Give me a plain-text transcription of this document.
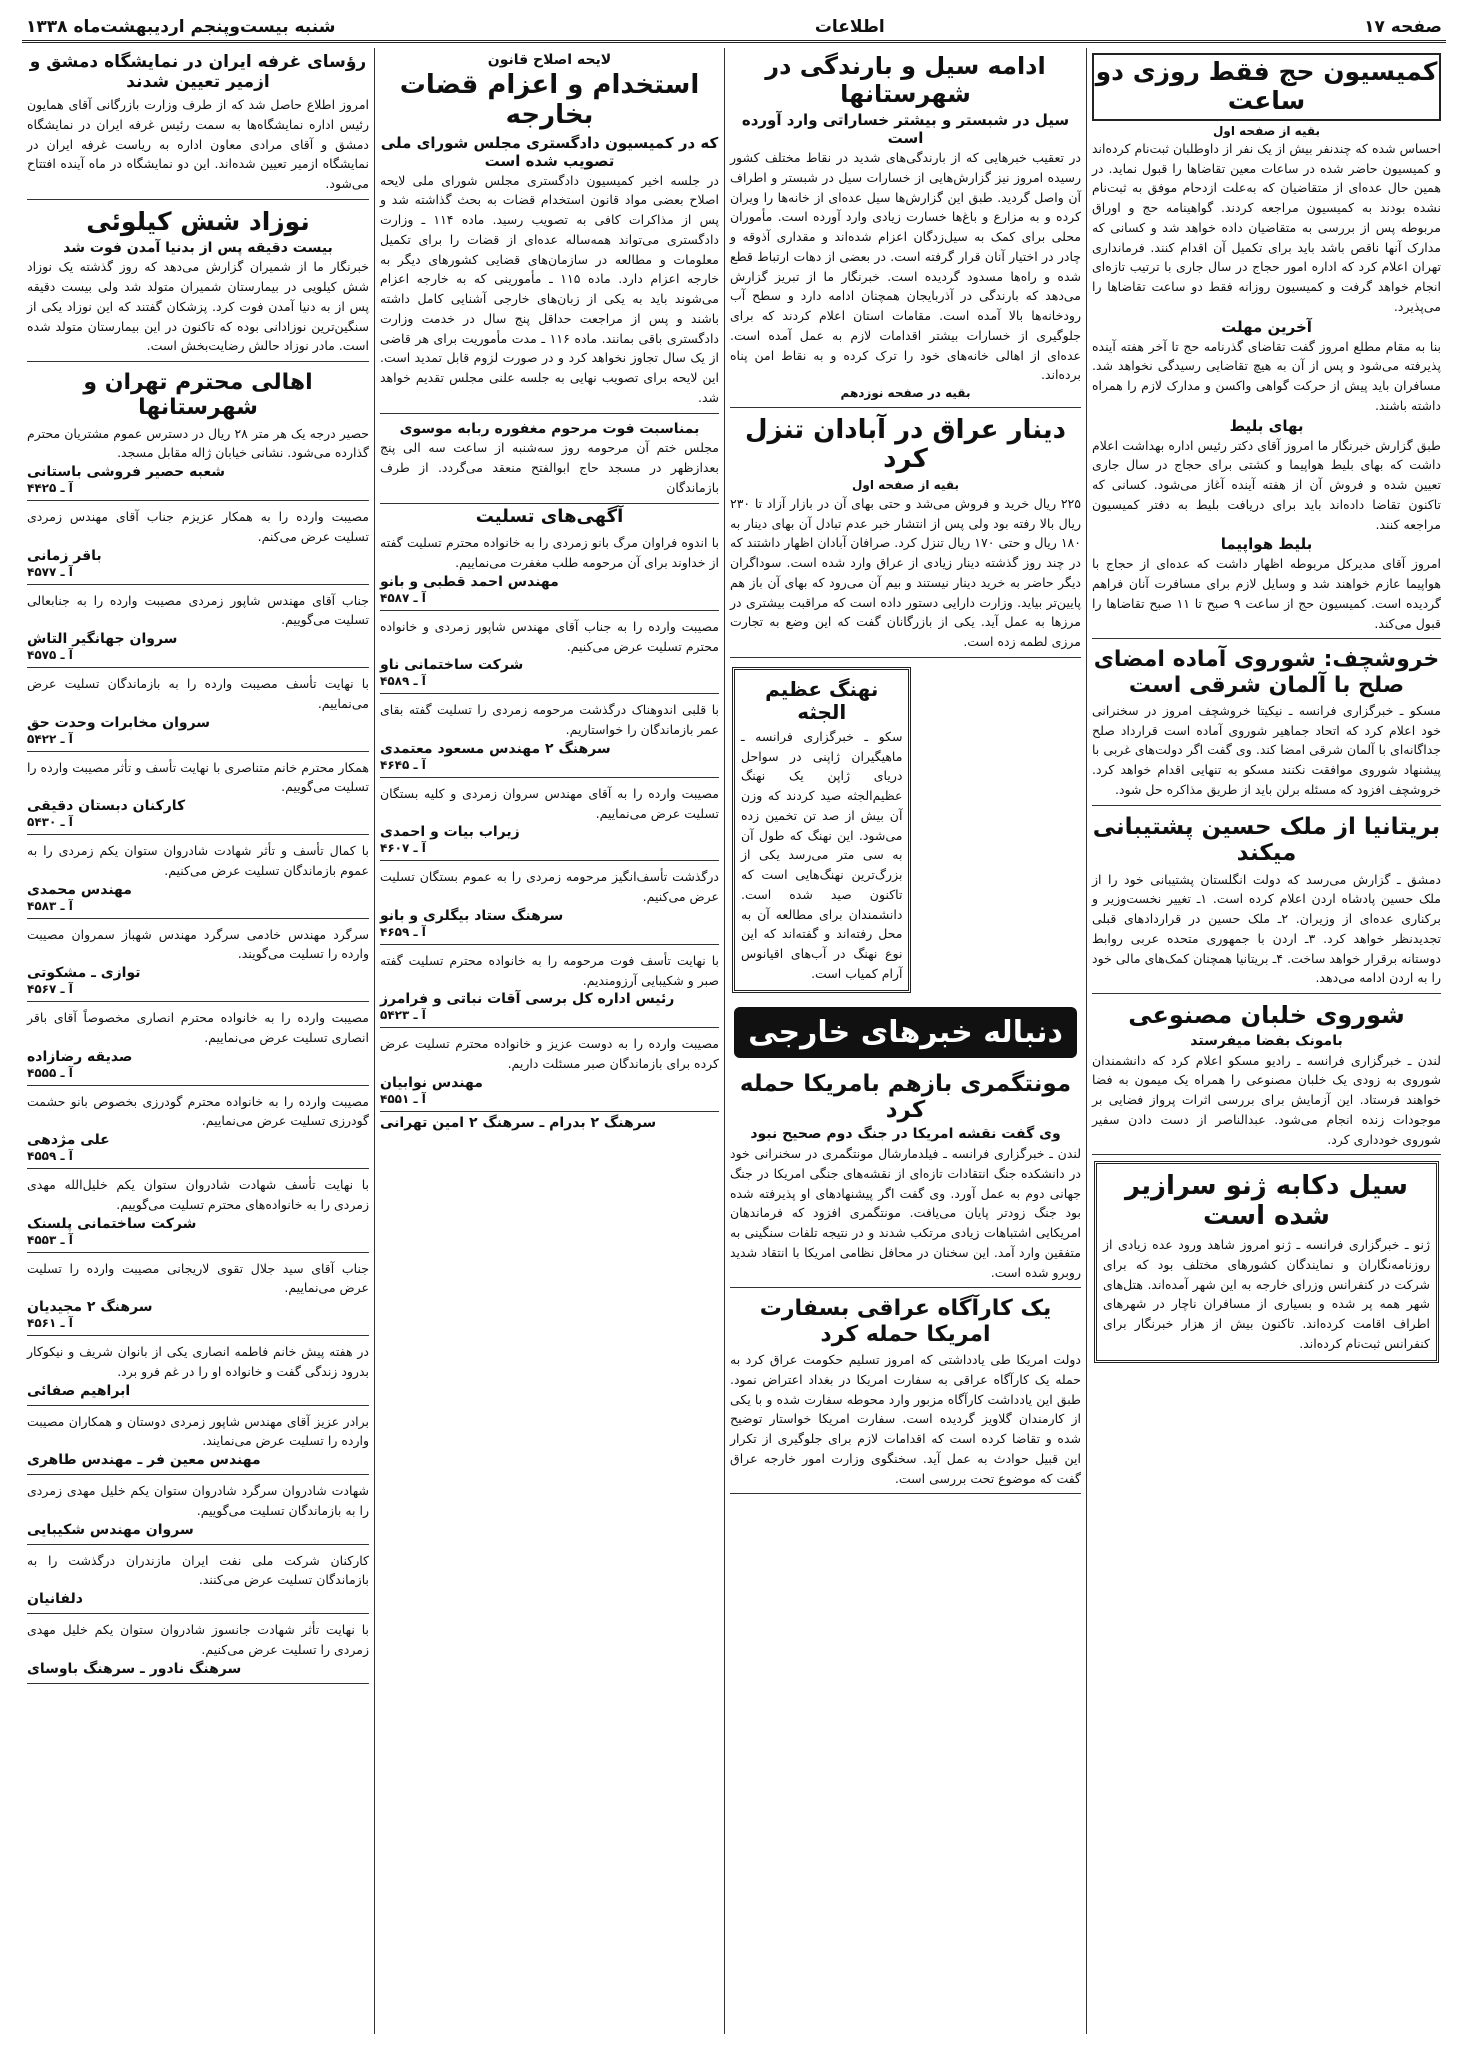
صفحه ۱۷
اطلاعات
شنبه بیست‌وپنجم اردیبهشت‌ماه ۱۳۳۸
کمیسیون حج فقط روزی دو ساعت
بقیه از صفحه اول

احساس شده که چندنفر بیش از یک نفر از داوطلبان ثبت‌نام کرده‌اند و کمیسیون حاضر شده در ساعات معین تقاضاها را قبول نماید. در همین حال عده‌ای از متقاضیان که به‌علت ازدحام موفق به ثبت‌نام نشده بودند به کمیسیون مراجعه کردند. گواهینامه حج و اوراق مربوطه پس از بررسی به متقاضیان داده خواهد شد و کسانی که مدارک آنها ناقص باشد باید برای تکمیل آن اقدام کنند. فرمانداری تهران اعلام کرد که اداره امور حجاج در سال جاری با ترتیب تازه‌ای انجام خواهد گرفت و کمیسیون روزانه فقط دو ساعت تقاضاها را می‌پذیرد.

آخرین مهلت

بنا به مقام مطلع امروز گفت تقاضای گذرنامه حج تا آخر هفته آینده پذیرفته می‌شود و پس از آن به هیچ تقاضایی رسیدگی نخواهد شد. مسافران باید پیش از حرکت گواهی واکسن و مدارک لازم را همراه داشته باشند.

بهای بلیط

طبق گزارش خبرنگار ما امروز آقای دکتر رئیس اداره بهداشت اعلام داشت که بهای بلیط هواپیما و کشتی برای حجاج در سال جاری تعیین شده و فروش آن از هفته آینده آغاز می‌شود. کسانی که تاکنون تقاضا داده‌اند باید برای دریافت بلیط به دفتر کمیسیون مراجعه کنند.

بلیط هواپیما

امروز آقای مدیرکل مربوطه اظهار داشت که عده‌ای از حجاج با هواپیما عازم خواهند شد و وسایل لازم برای مسافرت آنان فراهم گردیده است. کمیسیون حج از ساعت ۹ صبح تا ۱۱ صبح تقاضاها را قبول می‌کند.

خروشچف: شوروی آماده امضای صلح با آلمان شرقی است

مسکو ـ خبرگزاری فرانسه ـ نیکیتا خروشچف امروز در سخنرانی خود اعلام کرد که اتحاد جماهیر شوروی آماده است قرارداد صلح جداگانه‌ای با آلمان شرقی امضا کند. وی گفت اگر دولت‌های غربی با پیشنهاد شوروی موافقت نکنند مسکو به تنهایی اقدام خواهد کرد. خروشچف افزود که مسئله برلن باید از طریق مذاکره حل شود.

بریتانیا از ملک حسین پشتیبانی میکند

دمشق ـ گزارش می‌رسد که دولت انگلستان پشتیبانی خود را از ملک حسین پادشاه اردن اعلام کرده است. ۱ـ تغییر نخست‌وزیر و برکناری عده‌ای از وزیران. ۲ـ ملک حسین در قراردادهای قبلی تجدیدنظر خواهد کرد. ۳ـ اردن با جمهوری متحده عربی روابط دوستانه برقرار خواهد ساخت. ۴ـ بریتانیا همچنان کمک‌های مالی خود را به اردن ادامه می‌دهد.

شوروی خلبان مصنوعی
بامونک بفضا میفرستد

لندن ـ خبرگزاری فرانسه ـ رادیو مسکو اعلام کرد که دانشمندان شوروی به زودی یک خلبان مصنوعی را همراه یک میمون به فضا خواهند فرستاد. این آزمایش برای بررسی اثرات پرواز فضایی بر موجودات زنده انجام می‌شود. عبدالناصر از دست دادن سفیر شوروی خودداری کرد.

سیل دکابه ژنو سرازیر شده است

ژنو ـ خبرگزاری فرانسه ـ ژنو امروز شاهد ورود عده زیادی از روزنامه‌نگاران و نمایندگان کشورهای مختلف بود که برای شرکت در کنفرانس وزرای خارجه به این شهر آمده‌اند. هتل‌های شهر همه پر شده و بسیاری از مسافران ناچار در شهرهای اطراف اقامت کرده‌اند. تاکنون بیش از هزار خبرنگار برای کنفرانس ثبت‌نام کرده‌اند.

ادامه سیل و بارندگی در شهرستانها
سیل در شبستر و بیشتر خساراتی وارد آورده است

در تعقیب خبرهایی که از بارندگی‌های شدید در نقاط مختلف کشور رسیده امروز نیز گزارش‌هایی از خسارات سیل در شبستر و اطراف آن واصل گردید. طبق این گزارش‌ها سیل عده‌ای از خانه‌ها را ویران کرده و به مزارع و باغ‌ها خسارت زیادی وارد آورده است. مأموران محلی برای کمک به سیل‌زدگان اعزام شده‌اند و مقداری آذوقه و چادر در اختیار آنان قرار گرفته است. در بعضی از دهات ارتباط قطع شده و راه‌ها مسدود گردیده است. خبرنگار ما از تبریز گزارش می‌دهد که بارندگی در آذربایجان همچنان ادامه دارد و سطح آب رودخانه‌ها بالا آمده است. مقامات استان اعلام کردند که برای جلوگیری از خسارات بیشتر اقدامات لازم به عمل آمده است. عده‌ای از اهالی خانه‌های خود را ترک کرده و به نقاط امن پناه برده‌اند.

بقیه در صفحه نوزدهم
دینار عراق در آبادان تنزل کرد
بقیه از صفحه اول

۲۲۵ ریال خرید و فروش می‌شد و حتی بهای آن در بازار آزاد تا ۲۳۰ ریال بالا رفته بود ولی پس از انتشار خبر عدم تبادل آن بهای دینار به ۱۸۰ ریال و حتی ۱۷۰ ریال تنزل کرد. صرافان آبادان اظهار داشتند که در چند روز گذشته دینار زیادی از عراق وارد شده است. سوداگران دیگر حاضر به خرید دینار نیستند و بیم آن می‌رود که بهای آن باز هم پایین‌تر بیاید. وزارت دارایی دستور داده است که مراقبت بیشتری در مرزها به عمل آید. یکی از بازرگانان گفت که این وضع به تجارت مرزی لطمه زده است.

نهنگ عظیم الجثه

سکو ـ خبرگزاری فرانسه ـ ماهیگیران ژاپنی در سواحل دریای ژاپن یک نهنگ عظیم‌الجثه صید کردند که وزن آن بیش از صد تن تخمین زده می‌شود. این نهنگ که طول آن به سی متر می‌رسد یکی از بزرگ‌ترین نهنگ‌هایی است که تاکنون صید شده است. دانشمندان برای مطالعه آن به محل رفته‌اند و گفته‌اند که این نوع نهنگ در آب‌های اقیانوس آرام کمیاب است.

دنباله خبرهای خارجی
مونتگمری بازهم بامریکا حمله کرد
وی گفت نقشه امریکا در جنگ دوم صحیح نبود

لندن ـ خبرگزاری فرانسه ـ فیلدمارشال مونتگمری در سخنرانی خود در دانشکده جنگ انتقادات تازه‌ای از نقشه‌های جنگی امریکا در جنگ جهانی دوم به عمل آورد. وی گفت اگر پیشنهادهای او پذیرفته شده بود جنگ زودتر پایان می‌یافت. مونتگمری افزود که فرماندهان امریکایی اشتباهات زیادی مرتکب شدند و در نتیجه تلفات سنگینی به متفقین وارد آمد. این سخنان در محافل نظامی امریکا با انتقاد شدید روبرو شده است.

یک کارآگاه عراقی بسفارت امریکا حمله کرد

دولت امریکا طی یادداشتی که امروز تسلیم حکومت عراق کرد به حمله یک کارآگاه عراقی به سفارت امریکا در بغداد اعتراض نمود. طبق این یادداشت کارآگاه مزبور وارد محوطه سفارت شده و با یکی از کارمندان گلاویز گردیده است. سفارت امریکا خواستار توضیح شده و تقاضا کرده است که اقدامات لازم برای جلوگیری از تکرار این قبیل حوادث به عمل آید. سخنگوی وزارت امور خارجه عراق گفت که موضوع تحت بررسی است.

لایحه اصلاح قانون
استخدام و اعزام قضات بخارجه
که در کمیسیون دادگستری مجلس شورای ملی تصویب شده است

در جلسه اخیر کمیسیون دادگستری مجلس شورای ملی لایحه اصلاح بعضی مواد قانون استخدام قضات به بحث گذاشته شد و پس از مذاکرات کافی به تصویب رسید. ماده ۱۱۴ ـ وزارت دادگستری می‌تواند همه‌ساله عده‌ای از قضات را برای تکمیل معلومات و مطالعه در سازمان‌های قضایی کشورهای دیگر به خارجه اعزام دارد. ماده ۱۱۵ ـ مأمورینی که به خارجه اعزام می‌شوند باید به یکی از زبان‌های خارجی آشنایی کامل داشته باشند و پس از مراجعت حداقل پنج سال در خدمت وزارت دادگستری باقی بمانند. ماده ۱۱۶ ـ مدت مأموریت برای هر قاضی از یک سال تجاوز نخواهد کرد و در صورت لزوم قابل تمدید است. این لایحه برای تصویب نهایی به جلسه علنی مجلس تقدیم خواهد شد.

بمناسبت فوت مرحوم مغفوره ربابه موسوی

مجلس ختم آن مرحومه روز سه‌شنبه از ساعت سه الی پنج بعدازظهر در مسجد حاج ابوالفتح منعقد می‌گردد. از طرف بازماندگان

آگهی‌های تسلیت

با اندوه فراوان مرگ بانو زمردی را به خانواده محترم تسلیت گفته از خداوند برای آن مرحومه طلب مغفرت می‌نماییم.

مهندس احمد قطبی و بانو
آ ـ ۴۵۸۷

مصیبت وارده را به جناب آقای مهندس شاپور زمردی و خانواده محترم تسلیت عرض می‌کنیم.

شرکت ساختمانی ناو
آ ـ ۴۵۸۹

با قلبی اندوهناک درگذشت مرحومه زمردی را تسلیت گفته بقای عمر بازماندگان را خواستاریم.

سرهنگ ۲ مهندس مسعود معتمدی
آ ـ ۴۶۴۵

مصیبت وارده را به آقای مهندس سروان زمردی و کلیه بستگان تسلیت عرض می‌نماییم.

زیراب بیات و احمدی
آ ـ ۴۶۰۷

درگذشت تأسف‌انگیز مرحومه زمردی را به عموم بستگان تسلیت عرض می‌کنیم.

سرهنگ ستاد بیگلری و بانو
آ ـ ۴۶۵۹

با نهایت تأسف فوت مرحومه را به خانواده محترم تسلیت گفته صبر و شکیبایی آرزومندیم.

رئیس اداره کل برسی آقات نباتی و فرامرز
آ ـ ۵۴۲۳

مصیبت وارده را به دوست عزیز و خانواده محترم تسلیت عرض کرده برای بازماندگان صبر مسئلت داریم.

مهندس نوابیان
آ ـ ۴۵۵۱
سرهنگ ۲ بدرام ـ سرهنگ ۲ امین تهرانی
رؤسای غرفه ایران در نمایشگاه دمشق و ازمیر تعیین شدند

امروز اطلاع حاصل شد که از طرف وزارت بازرگانی آقای همایون رئیس اداره نمایشگاه‌ها به سمت رئیس غرفه ایران در نمایشگاه دمشق و آقای مرادی معاون اداره به ریاست غرفه ایران در نمایشگاه ازمیر تعیین شده‌اند. این دو نمایشگاه در ماه آینده افتتاح می‌شود.

نوزاد شش کیلوئی
بیست دقیقه پس از بدنیا آمدن فوت شد

خبرنگار ما از شمیران گزارش می‌دهد که روز گذشته یک نوزاد شش کیلویی در بیمارستان شمیران متولد شد ولی بیست دقیقه پس از به دنیا آمدن فوت کرد. پزشکان گفتند که این نوزاد یکی از سنگین‌ترین نوزادانی بوده که تاکنون در این بیمارستان متولد شده است. مادر نوزاد حالش رضایت‌بخش است.

اهالی محترم تهران و شهرستانها

حصیر درجه یک هر متر ۲۸ ریال در دسترس عموم مشتریان محترم گذارده می‌شود. نشانی خیابان ژاله مقابل مسجد.

شعبه حصیر فروشی باستانی
آ ـ ۴۴۲۵

مصیبت وارده را به همکار عزیزم جناب آقای مهندس زمردی تسلیت عرض می‌کنم.

باقر زمانی
آ ـ ۴۵۷۷

جناب آقای مهندس شاپور زمردی مصیبت وارده را به جنابعالی تسلیت می‌گوییم.

سروان جهانگیر التاش
آ ـ ۴۵۷۵

با نهایت تأسف مصیبت وارده را به بازماندگان تسلیت عرض می‌نماییم.

سروان مخابرات وحدت حق
آ ـ ۵۴۲۲

همکار محترم خانم متناصری با نهایت تأسف و تأثر مصیبت وارده را تسلیت می‌گوییم.

کارکنان دبستان دقیقی
آ ـ ۵۴۳۰

با کمال تأسف و تأثر شهادت شادروان ستوان یکم زمردی را به عموم بازماندگان تسلیت عرض می‌کنیم.

مهندس محمدی
آ ـ ۴۵۸۳

سرگرد مهندس خادمی سرگرد مهندس شهباز سمروان مصیبت وارده را تسلیت می‌گویند.

توازی ـ مشکوتی
آ ـ ۴۵۶۷

مصیبت وارده را به خانواده محترم انصاری مخصوصاً آقای باقر انصاری تسلیت عرض می‌نماییم.

صدیقه رضازاده
آ ـ ۴۵۵۵

مصیبت وارده را به خانواده محترم گودرزی بخصوص بانو حشمت گودرزی تسلیت عرض می‌نماییم.

علی مژدهی
آ ـ ۴۵۵۹

با نهایت تأسف شهادت شادروان ستوان یکم خلیل‌الله مهدی زمردی را به خانواده‌های محترم تسلیت می‌گوییم.

شرکت ساختمانی پلسنک
آ ـ ۴۵۵۳

جناب آقای سید جلال تقوی لاریجانی مصیبت وارده را تسلیت عرض می‌نماییم.

سرهنگ ۲ مجیدیان
آ ـ ۴۵۶۱

در هفته پیش خانم فاطمه انصاری یکی از بانوان شریف و نیکوکار بدرود زندگی گفت و خانواده او را در غم فرو برد.

ابراهیم صفائی

برادر عزیز آقای مهندس شاپور زمردی دوستان و همکاران مصیبت وارده را تسلیت عرض می‌نمایند.

مهندس معین فر ـ مهندس طاهری

شهادت شادروان سرگرد شادروان ستوان یکم خلیل مهدی زمردی را به بازماندگان تسلیت می‌گوییم.

سروان مهندس شکیبایی

کارکنان شرکت ملی نفت ایران مازندران درگذشت را به بازماندگان تسلیت عرض می‌کنند.

دلفانیان

با نهایت تأثر شهادت جانسوز شادروان ستوان یکم خلیل مهدی زمردی را تسلیت عرض می‌کنیم.

سرهنگ نادور ـ سرهنگ باوسای
